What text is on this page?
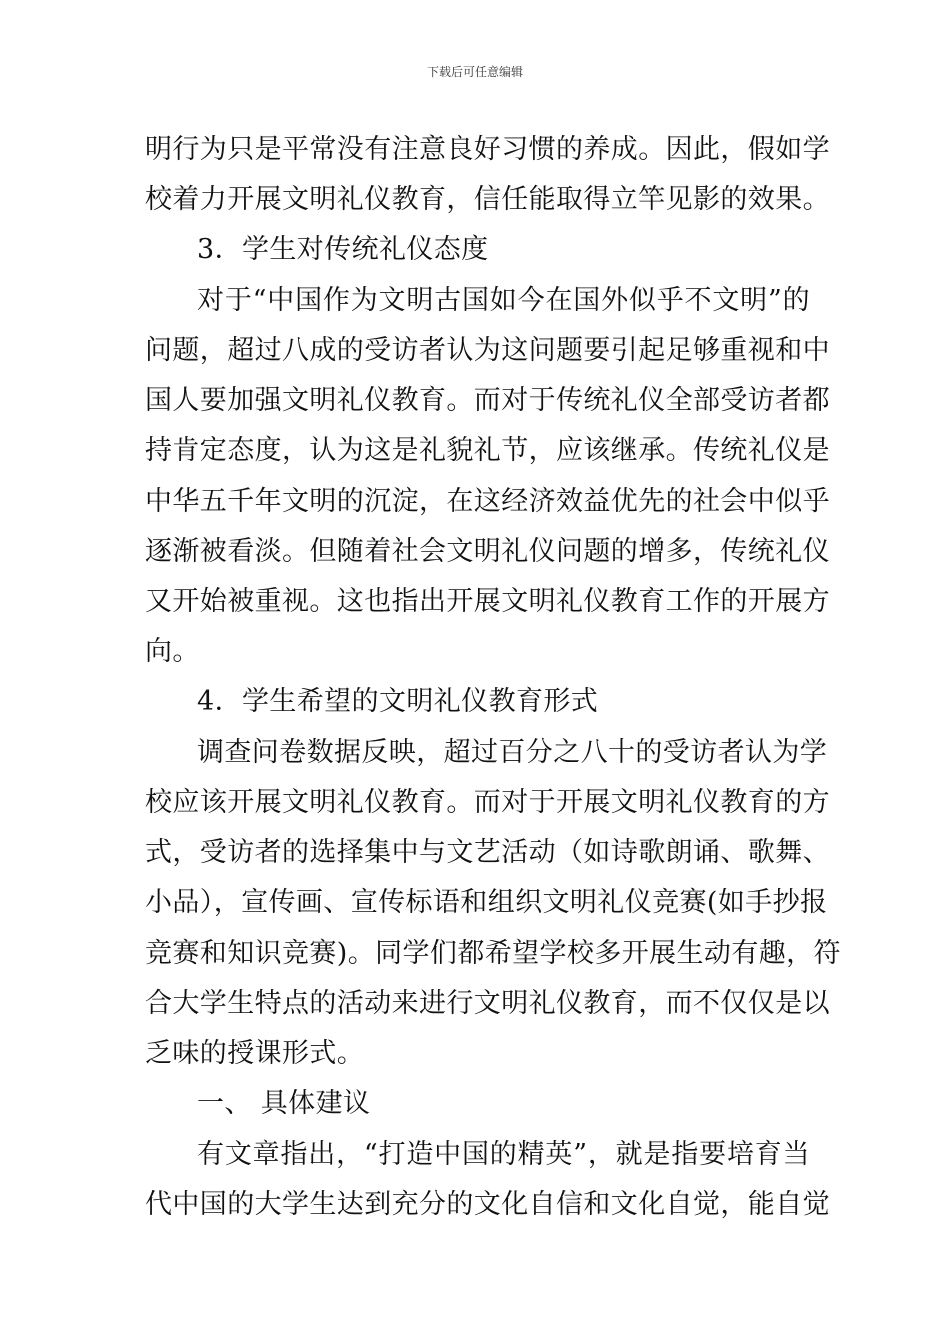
下载后可任意编辑
明行为只是平常没有注意良好习惯的养成。因此，假如学
校着力开展文明礼仪教育，信任能取得立竿见影的效果。
3．学生对传统礼仪态度
对于“中国作为文明古国如今在国外似乎不文明”的
问题，超过八成的受访者认为这问题要引起足够重视和中
国人要加强文明礼仪教育。而对于传统礼仪全部受访者都
持肯定态度，认为这是礼貌礼节，应该继承。传统礼仪是
中华五千年文明的沉淀，在这经济效益优先的社会中似乎
逐渐被看淡。但随着社会文明礼仪问题的增多，传统礼仪
又开始被重视。这也指出开展文明礼仪教育工作的开展方
向。
4．学生希望的文明礼仪教育形式
调查问卷数据反映，超过百分之八十的受访者认为学
校应该开展文明礼仪教育。而对于开展文明礼仪教育的方
式，受访者的选择集中与文艺活动（如诗歌朗诵、歌舞、
小品），宣传画、宣传标语和组织文明礼仪竞赛(如手抄报
竞赛和知识竞赛)。同学们都希望学校多开展生动有趣，符
合大学生特点的活动来进行文明礼仪教育，而不仅仅是以
乏味的授课形式。
一、 具体建议
有文章指出，“打造中国的精英”，就是指要培育当
代中国的大学生达到充分的文化自信和文化自觉，能自觉
